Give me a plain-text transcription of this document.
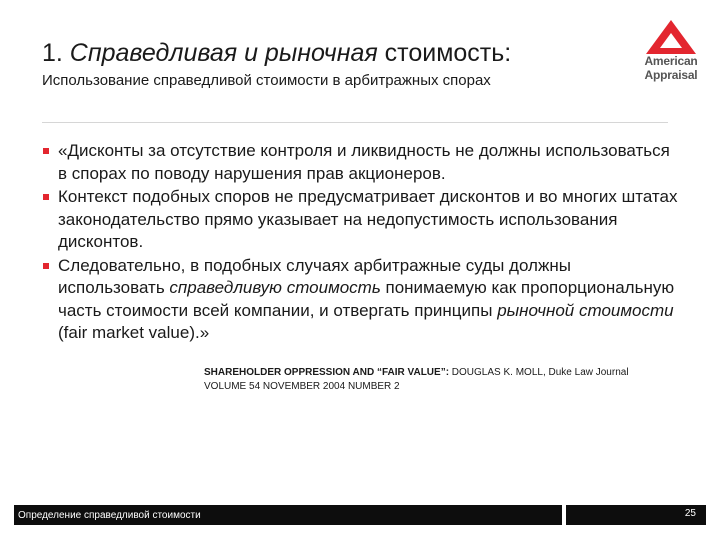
1. Справедливая и рыночная стоимость:
Использование справедливой стоимости в арбитражных спорах
American
Appraisal
«Дисконты за отсутствие контроля и ликвидность не должны использоваться в спорах по поводу нарушения прав акционеров.
Контекст подобных споров не предусматривает дисконтов и во многих штатах законодательство прямо указывает на недопустимость использования дисконтов.
Следовательно, в подобных случаях арбитражные суды должны использовать справедливую стоимость понимаемую как пропорциональную часть стоимости всей компании, и отвергать принципы рыночной стоимости (fair market value).»
SHAREHOLDER OPPRESSION AND “FAIR VALUE”: DOUGLAS K. MOLL, Duke Law Journal
VOLUME 54 NOVEMBER 2004 NUMBER 2
Определение справедливой стоимости	25
